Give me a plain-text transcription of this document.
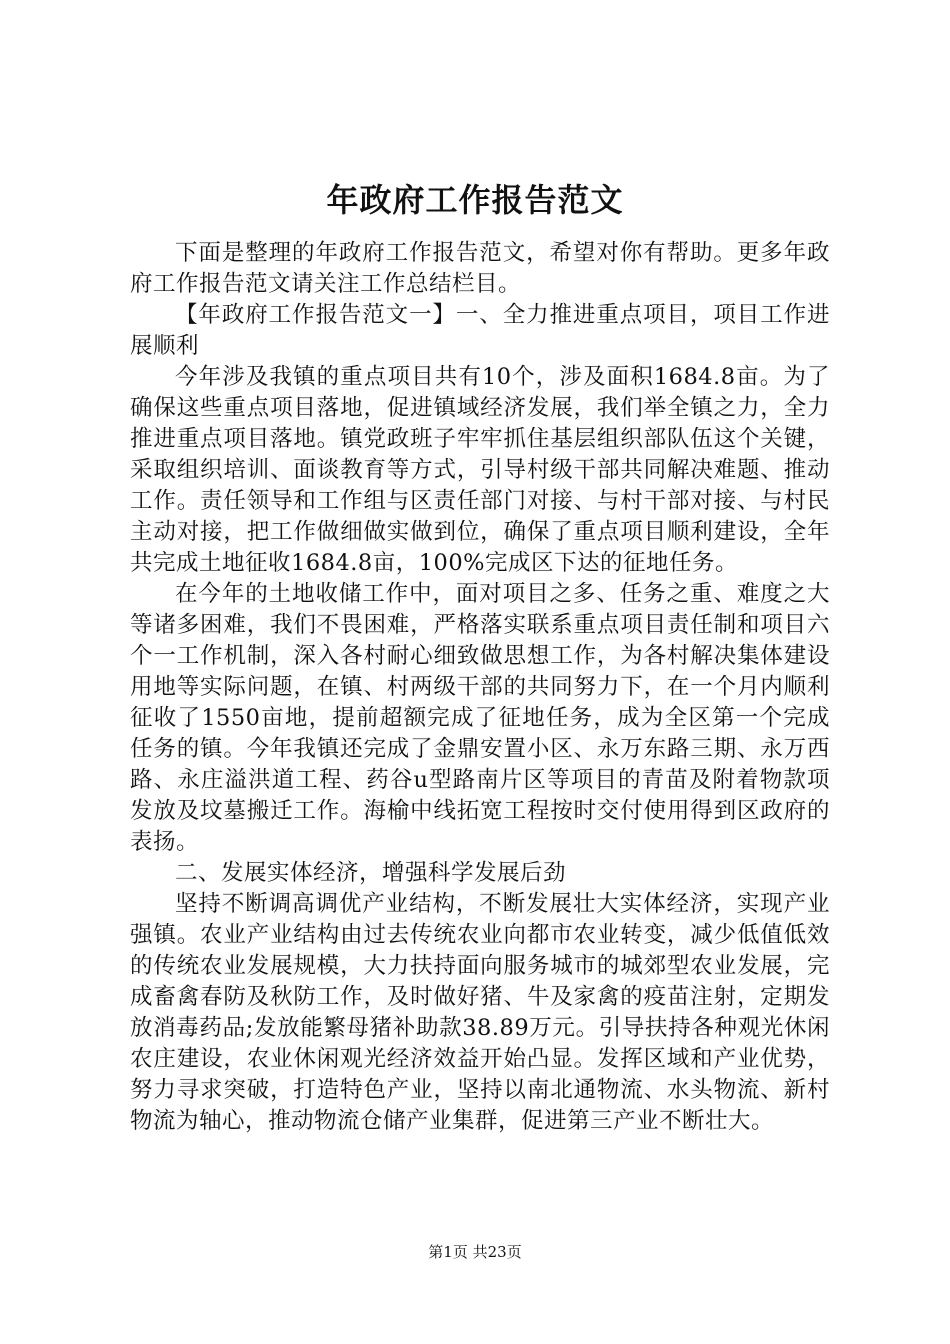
年政府工作报告范文

下面是整理的年政府工作报告范文，希望对你有帮助。更多年政府工作报告范文请关注工作总结栏目。

【年政府工作报告范文一】一、全力推进重点项目，项目工作进展顺利

今年涉及我镇的重点项目共有10个，涉及面积1684.8亩。为了确保这些重点项目落地，促进镇域经济发展，我们举全镇之力，全力推进重点项目落地。镇党政班子牢牢抓住基层组织部队伍这个关键，采取组织培训、面谈教育等方式，引导村级干部共同解决难题、推动工作。责任领导和工作组与区责任部门对接、与村干部对接、与村民主动对接，把工作做细做实做到位，确保了重点项目顺利建设，全年共完成土地征收1684.8亩，100%完成区下达的征地任务。

在今年的土地收储工作中，面对项目之多、任务之重、难度之大等诸多困难，我们不畏困难，严格落实联系重点项目责任制和项目六个一工作机制，深入各村耐心细致做思想工作，为各村解决集体建设用地等实际问题，在镇、村两级干部的共同努力下，在一个月内顺利征收了1550亩地，提前超额完成了征地任务，成为全区第一个完成任务的镇。今年我镇还完成了金鼎安置小区、永万东路三期、永万西路、永庄溢洪道工程、药谷u型路南片区等项目的青苗及附着物款项发放及坟墓搬迁工作。海榆中线拓宽工程按时交付使用得到区政府的表扬。

二、发展实体经济，增强科学发展后劲

坚持不断调高调优产业结构，不断发展壮大实体经济，实现产业强镇。农业产业结构由过去传统农业向都市农业转变，减少低值低效的传统农业发展规模，大力扶持面向服务城市的城郊型农业发展，完成畜禽春防及秋防工作，及时做好猪、牛及家禽的疫苗注射，定期发放消毒药品;发放能繁母猪补助款38.89万元。引导扶持各种观光休闲农庄建设，农业休闲观光经济效益开始凸显。发挥区域和产业优势，努力寻求突破，打造特色产业，坚持以南北通物流、水头物流、新村物流为轴心，推动物流仓储产业集群，促进第三产业不断壮大。

第1页 共23页
